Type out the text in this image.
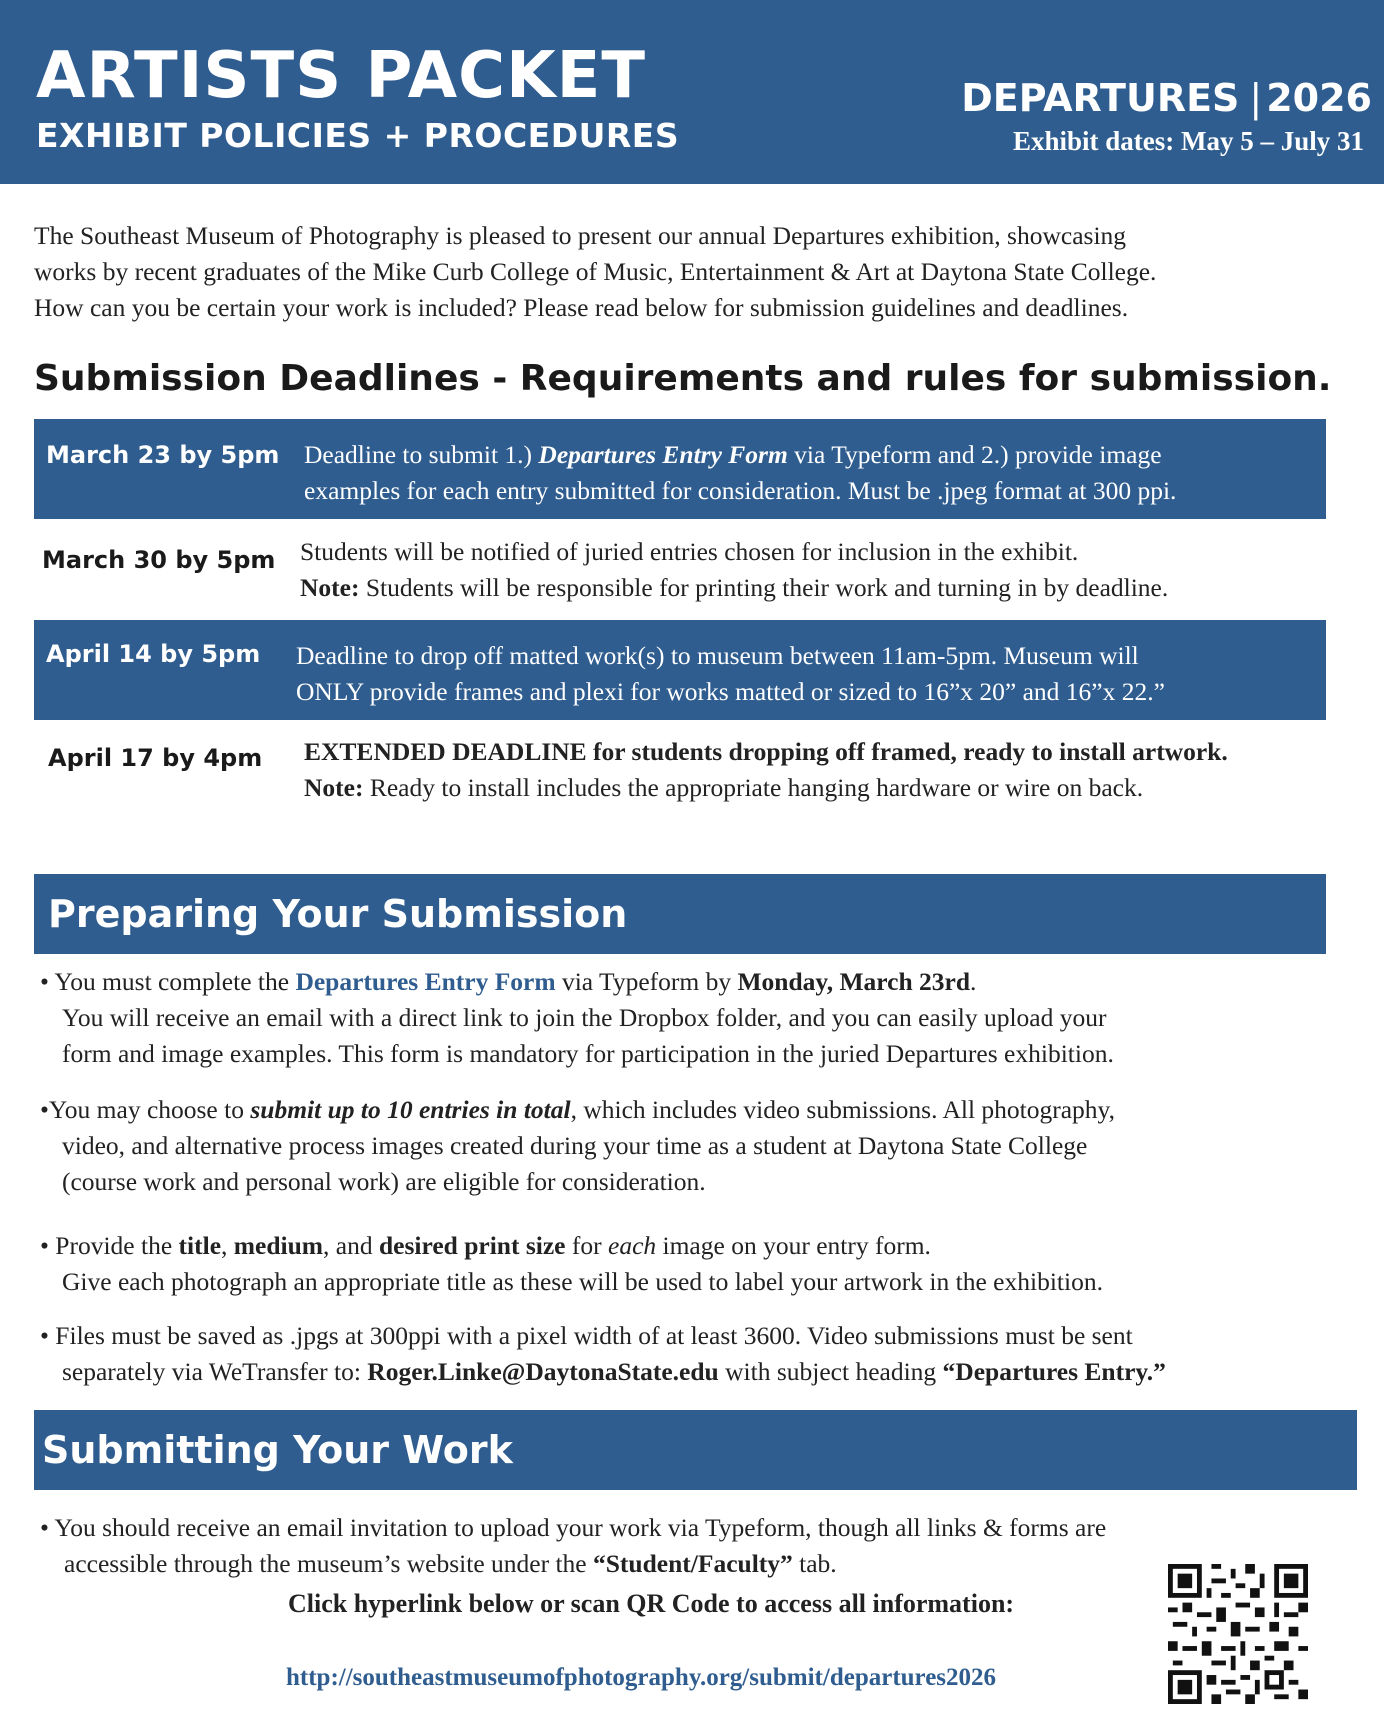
ARTISTS PACKET
EXHIBIT POLICIES + PROCEDURES
DEPARTURES | 2026
Exhibit dates: May 5 – July 31
The Southeast Museum of Photography is pleased to present our annual Departures exhibition, showcasing
works by recent graduates of the Mike Curb College of Music, Entertainment & Art at Daytona State College.
How can you be certain your work is included? Please read below for submission guidelines and deadlines.
Submission Deadlines - Requirements and rules for submission.
March 23 by 5pm Deadline to submit 1.) Departures Entry Form via Typeform and 2.) provide image
examples for each entry submitted for consideration. Must be .jpeg format at 300 ppi.
March 30 by 5pm Students will be notified of juried entries chosen for inclusion in the exhibit.
Note: Students will be responsible for printing their work and turning in by deadline.
April 14 by 5pm Deadline to drop off matted work(s) to museum between 11am-5pm. Museum will
ONLY provide frames and plexi for works matted or sized to 16”x 20” and 16”x 22.”
April 17 by 4pm EXTENDED DEADLINE for students dropping off framed, ready to install artwork.
Note: Ready to install includes the appropriate hanging hardware or wire on back.
Preparing Your Submission
• You must complete the Departures Entry Form via Typeform by Monday, March 23rd.
You will receive an email with a direct link to join the Dropbox folder, and you can easily upload your
form and image examples. This form is mandatory for participation in the juried Departures exhibition.
•You may choose to submit up to 10 entries in total, which includes video submissions. All photography,
video, and alternative process images created during your time as a student at Daytona State College
(course work and personal work) are eligible for consideration.
• Provide the title, medium, and desired print size for each image on your entry form.
Give each photograph an appropriate title as these will be used to label your artwork in the exhibition.
• Files must be saved as .jpgs at 300ppi with a pixel width of at least 3600. Video submissions must be sent
separately via WeTransfer to: Roger.Linke@DaytonaState.edu with subject heading “Departures Entry.”
Submitting Your Work
• You should receive an email invitation to upload your work via Typeform, though all links & forms are
accessible through the museum’s website under the “Student/Faculty” tab.
Click hyperlink below or scan QR Code to access all information:
http://southeastmuseumofphotography.org/submit/departures2026
